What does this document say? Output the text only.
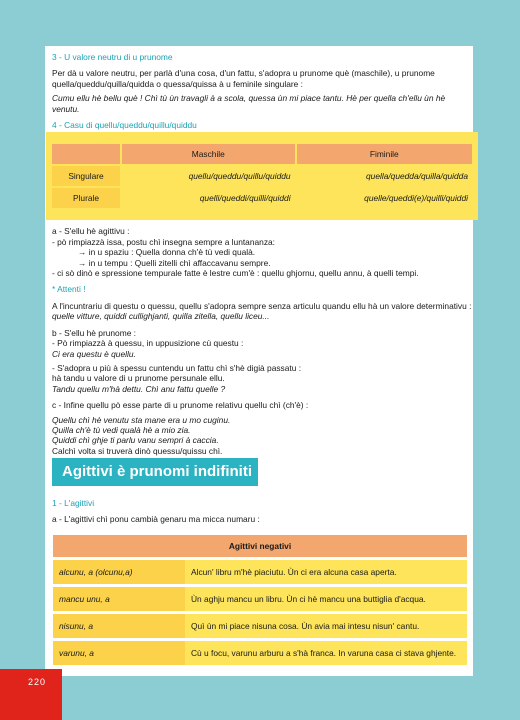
3 - U valore neutru di u prunome

Per dà u valore neutru, per parlà d'una cosa, d'un fattu, s'adopra u prunome què (maschile), u prunome quella/queddu/quilla/quidda o quessa/quissa à u feminile singulare :

Cumu ellu hè bellu què ! Chì tù ùn travagli à a scola, quessa ùn mi piace tantu. Hè per quella ch'ellu ùn hè venutu.

4 - Casu di quellu/queddu/quillu/quiddu

	Maschile	Fiminile
Singulare	quellu/queddu/quillu/quiddu	quella/quedda/quilla/quidda
Plurale	quelli/queddi/quilli/quiddi	quelle/queddi(e)/quilli/quiddi

a - S'ellu hè agittivu :

- pò rimpiazzà issa, postu chì insegna sempre a luntananza:

→ in u spaziu : Quella donna ch'è tù vedi qualà.

→ in u tempu : Quelli zitelli chì affaccavanu sempre.

- ci sò dinò e spressione tempurale fatte è lestre cum'è : quellu ghjornu, quellu annu, à quelli tempi.

* Attenti !

A l'incuntrariu di questu o quessu, quellu s'adopra sempre senza articulu quandu ellu hà un valore determinativu :

quelle vitture, quiddi cullighjanti, quilla zitella, quellu liceu...

b - S'ellu hè prunome :

- Pò rimpiazzà à quessu, in uppusizione cù questu :

Ci era questu è quellu.

- S'adopra u più à spessu cuntendu un fattu chì s'hè digià passatu :

hà tandu u valore di u prunome persunale ellu.

Tandu quellu m'hà dettu. Chì anu fattu quelle ?

c - Infine quellu pò esse parte di u prunome relativu quellu chì (ch'è) :

Quellu chì hè venutu sta mane era u mo cuginu.

Quilla ch'è tù vedi qualà hè a mio zia.

Quiddi chì ghje ti parlu vanu sempri à caccia.

Calchì volta si truverà dinò quessu/quissu chì.

Agittivi è prunomi indifiniti
1 - L'agittivi
a - L'agittivi chì ponu cambià genaru ma micca numaru :
Agittivi negativi	
alcunu, a (olcunu,a)	Alcun' libru m'hè piaciutu. Ùn ci era alcuna casa aperta.
mancu unu, a	Ùn aghju mancu un libru. Ùn ci hè mancu una buttiglia d'acqua.
nisunu, a	Quì ùn mi piace nisuna cosa. Ùn avia mai intesu nisun' cantu.
varunu, a	Cù u focu, varunu arburu a s'hà franca. In varuna casa ci stava ghjente.
220
